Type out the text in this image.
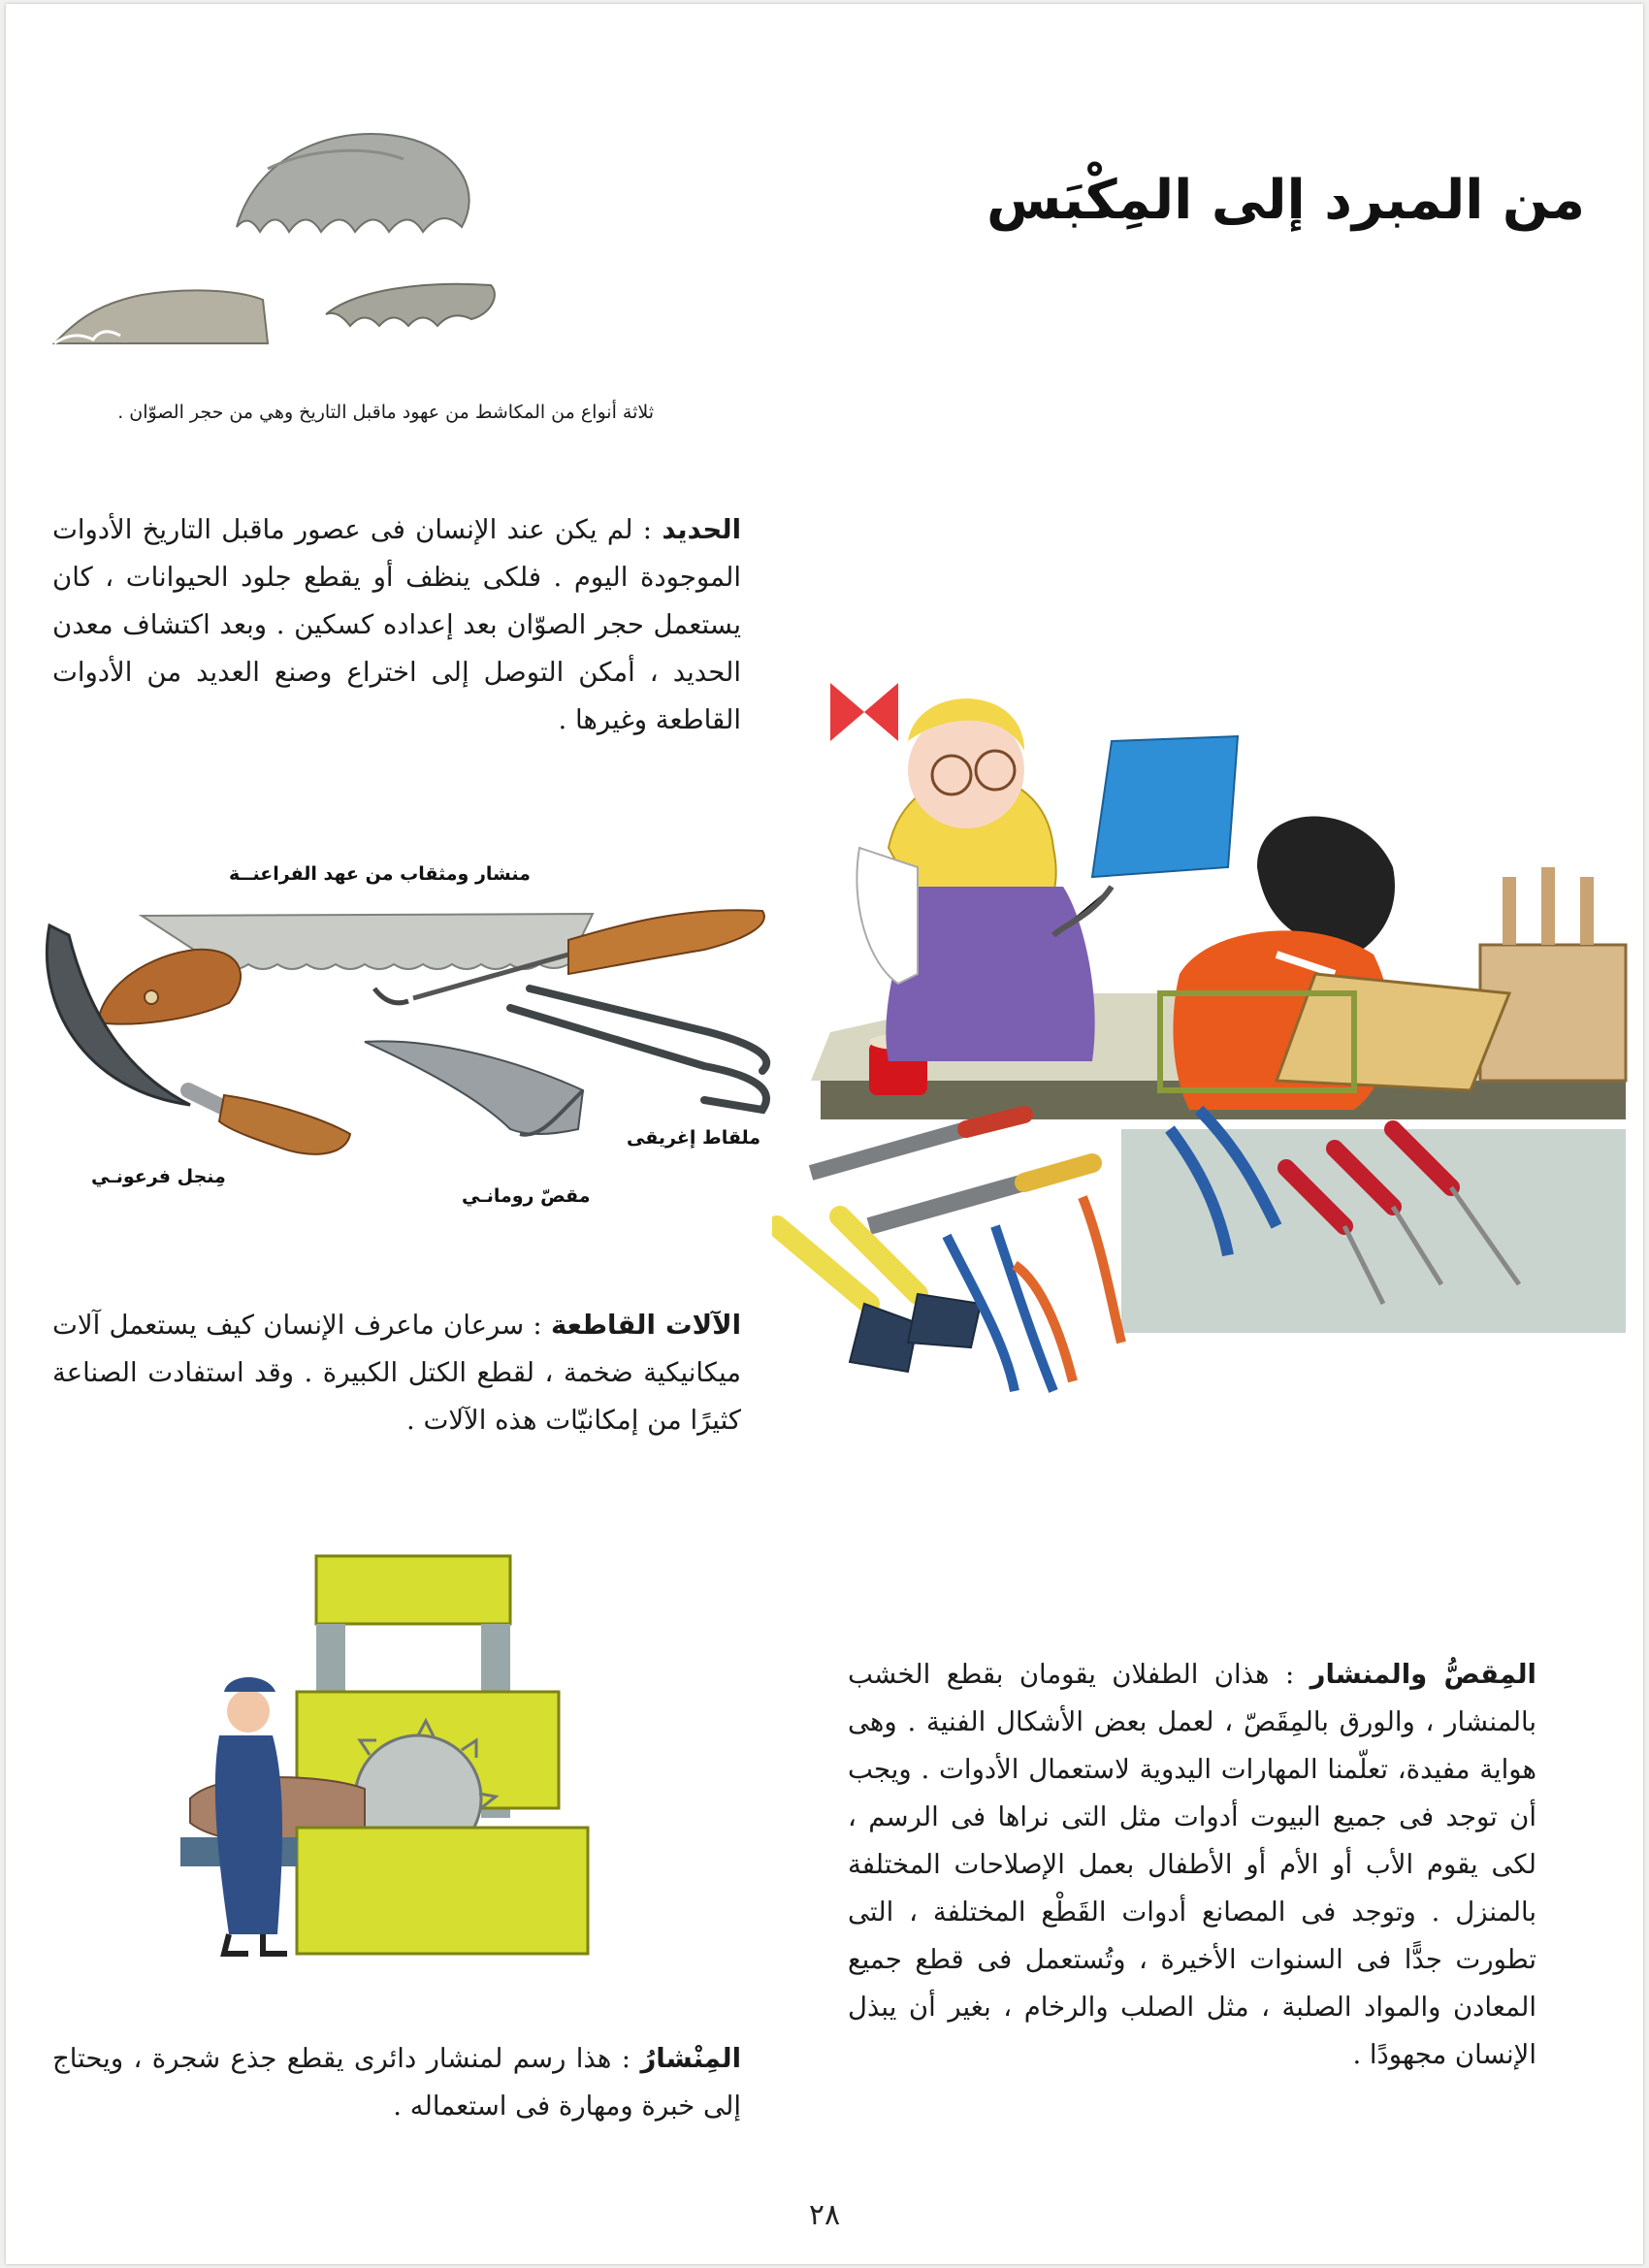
من المبرد إلى المِكْبَس
ثلاثة أنواع من المكاشط من عهود ماقبل التاريخ وهي من حجر الصوّان .
الحديد : لم يكن عند الإنسان فى عصور ماقبل التاريخ الأدوات الموجودة اليوم . فلكى ينظف أو يقطع جلود الحيوانات ، كان يستعمل حجر الصوّان بعد إعداده كسكين . وبعد اكتشاف معدن الحديد ، أمكن التوصل إلى اختراع وصنع العديد من الأدوات القاطعة وغيرها .
منشار ومثقاب من عهد الفراعنــة
مِنجل فرعونـي
مقصّ رومانـي
ملقاط إغريقى
الآلات القاطعة : سرعان ماعرف الإنسان كيف يستعمل آلات ميكانيكية ضخمة ، لقطع الكتل الكبيرة . وقد استفادت الصناعة كثيرًا من إمكانيّات هذه الآلات .
المِقصُّ والمنشار : هذان الطفلان يقومان بقطع الخشب بالمنشار ، والورق بالمِقَصّ ، لعمل بعض الأشكال الفنية . وهى هواية مفيدة، تعلّمنا المهارات اليدوية لاستعمال الأدوات . ويجب أن توجد فى جميع البيوت أدوات مثل التى نراها فى الرسم ، لكى يقوم الأب أو الأم أو الأطفال بعمل الإصلاحات المختلفة بالمنزل . وتوجد فى المصانع أدوات القَطْع المختلفة ، التى تطورت جدًّا فى السنوات الأخيرة ، وتُستعمل فى قطع جميع المعادن والمواد الصلبة ، مثل الصلب والرخام ، بغير أن يبذل الإنسان مجهودًا .
المِنْشارُ : هذا رسم لمنشار دائرى يقطع جذع شجرة ، ويحتاج إلى خبرة ومهارة فى استعماله .
٢٨
